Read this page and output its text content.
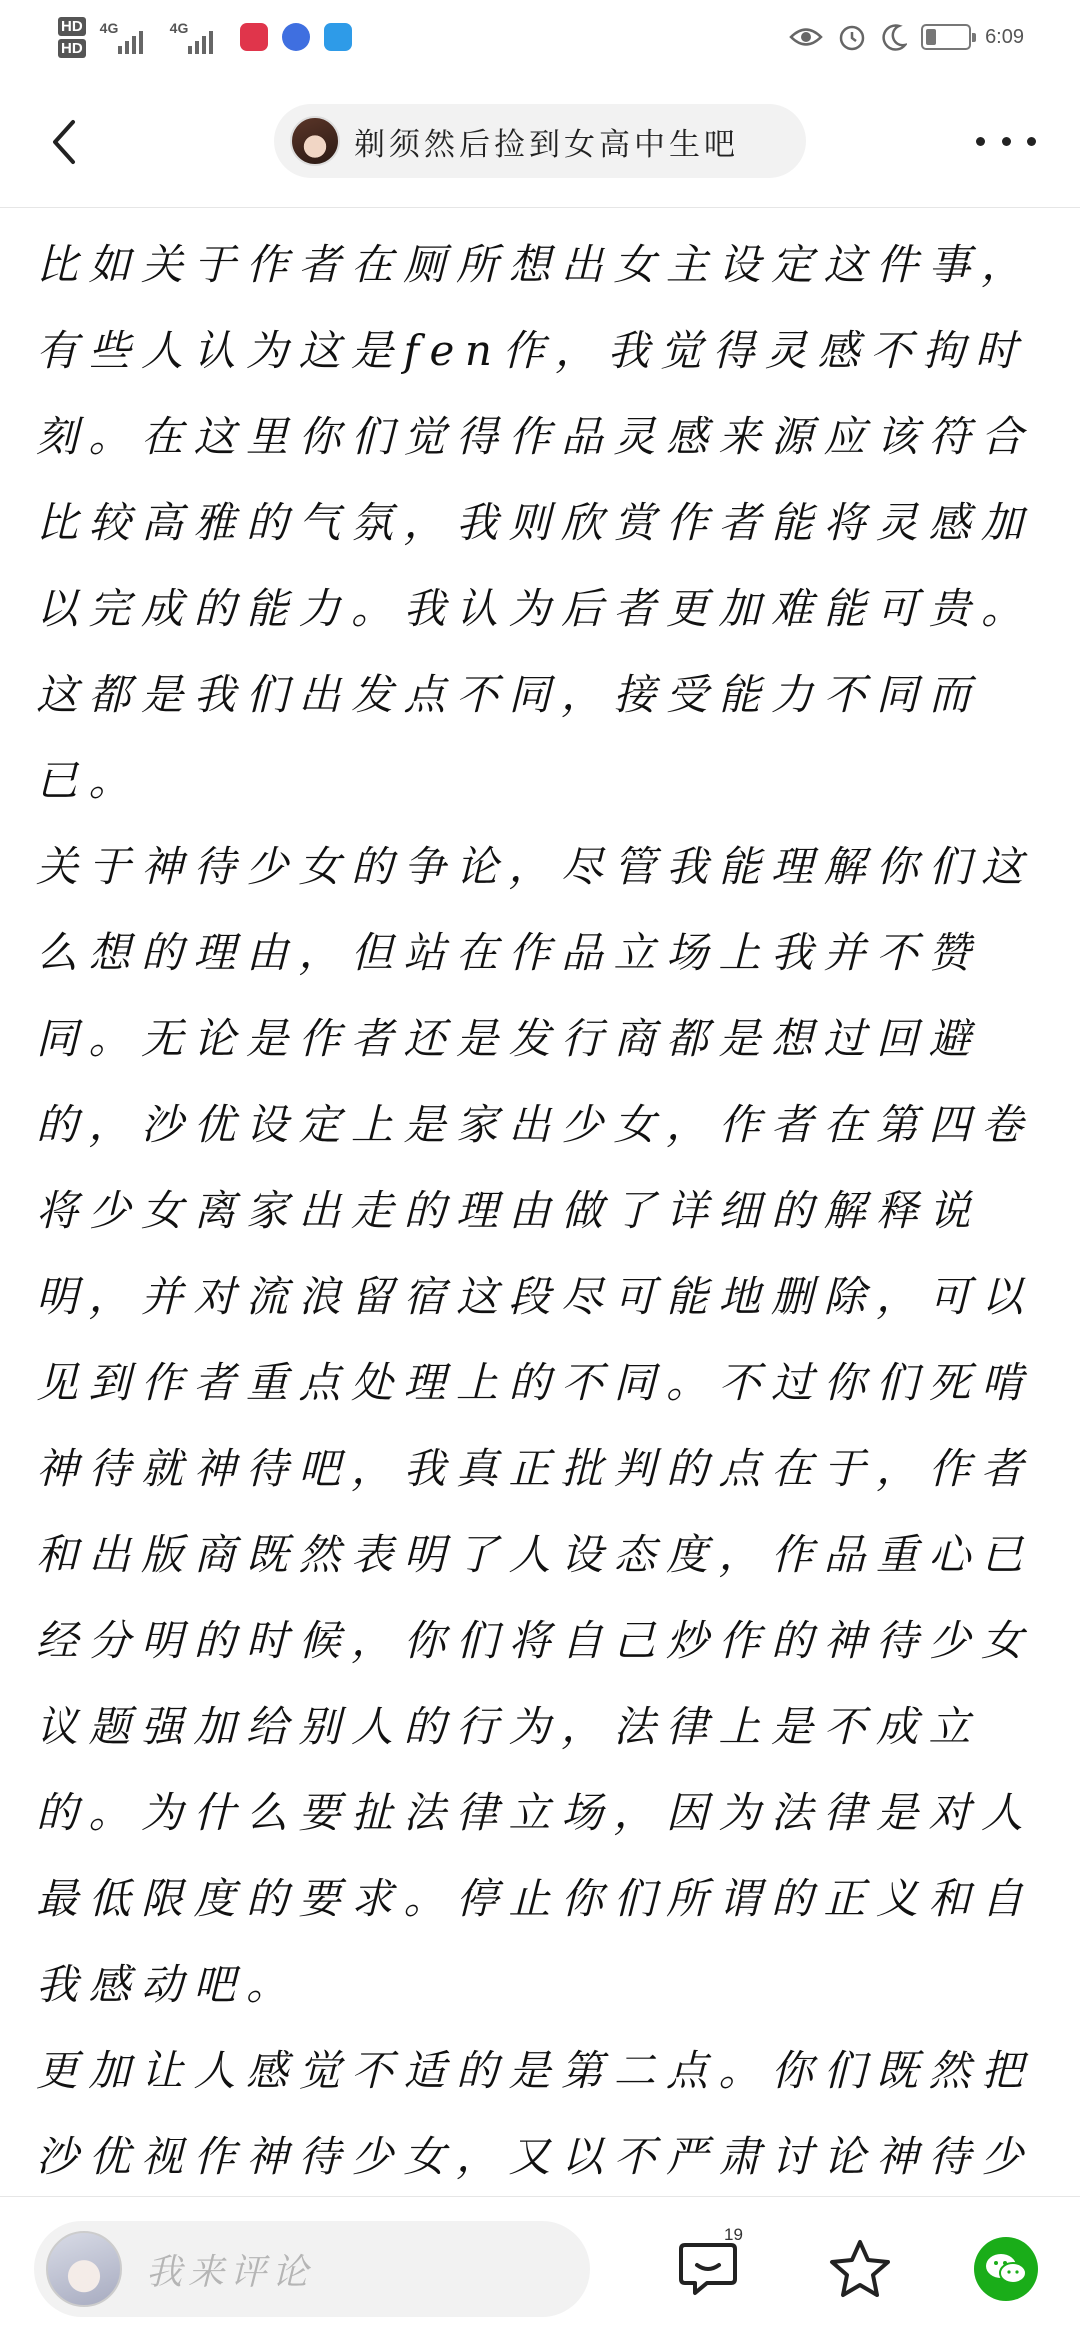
HD
HD
4G	4G	6:09
剃须然后捡到女高中生吧

比如关于作者在厕所想出女主设定这件事，有些人认为这是fen作，我觉得灵感不拘时刻。在这里你们觉得作品灵感来源应该符合比较高雅的气氛，我则欣赏作者能将灵感加以完成的能力。我认为后者更加难能可贵。这都是我们出发点不同，接受能力不同而已。

关于神待少女的争论，尽管我能理解你们这么想的理由，但站在作品立场上我并不赞同。无论是作者还是发行商都是想过回避的，沙优设定上是家出少女，作者在第四卷将少女离家出走的理由做了详细的解释说明，并对流浪留宿这段尽可能地删除，可以见到作者重点处理上的不同。不过你们死啃神待就神待吧，我真正批判的点在于，作者和出版商既然表明了人设态度，作品重心已经分明的时候，你们将自己炒作的神待少女议题强加给别人的行为，法律上是不成立的。为什么要扯法律立场，因为法律是对人最低限度的要求。停止你们所谓的正义和自我感动吧。

更加让人感觉不适的是第二点。你们既然把沙优视作神待少女，又以不严肃讨论神待少

我来评论
19
